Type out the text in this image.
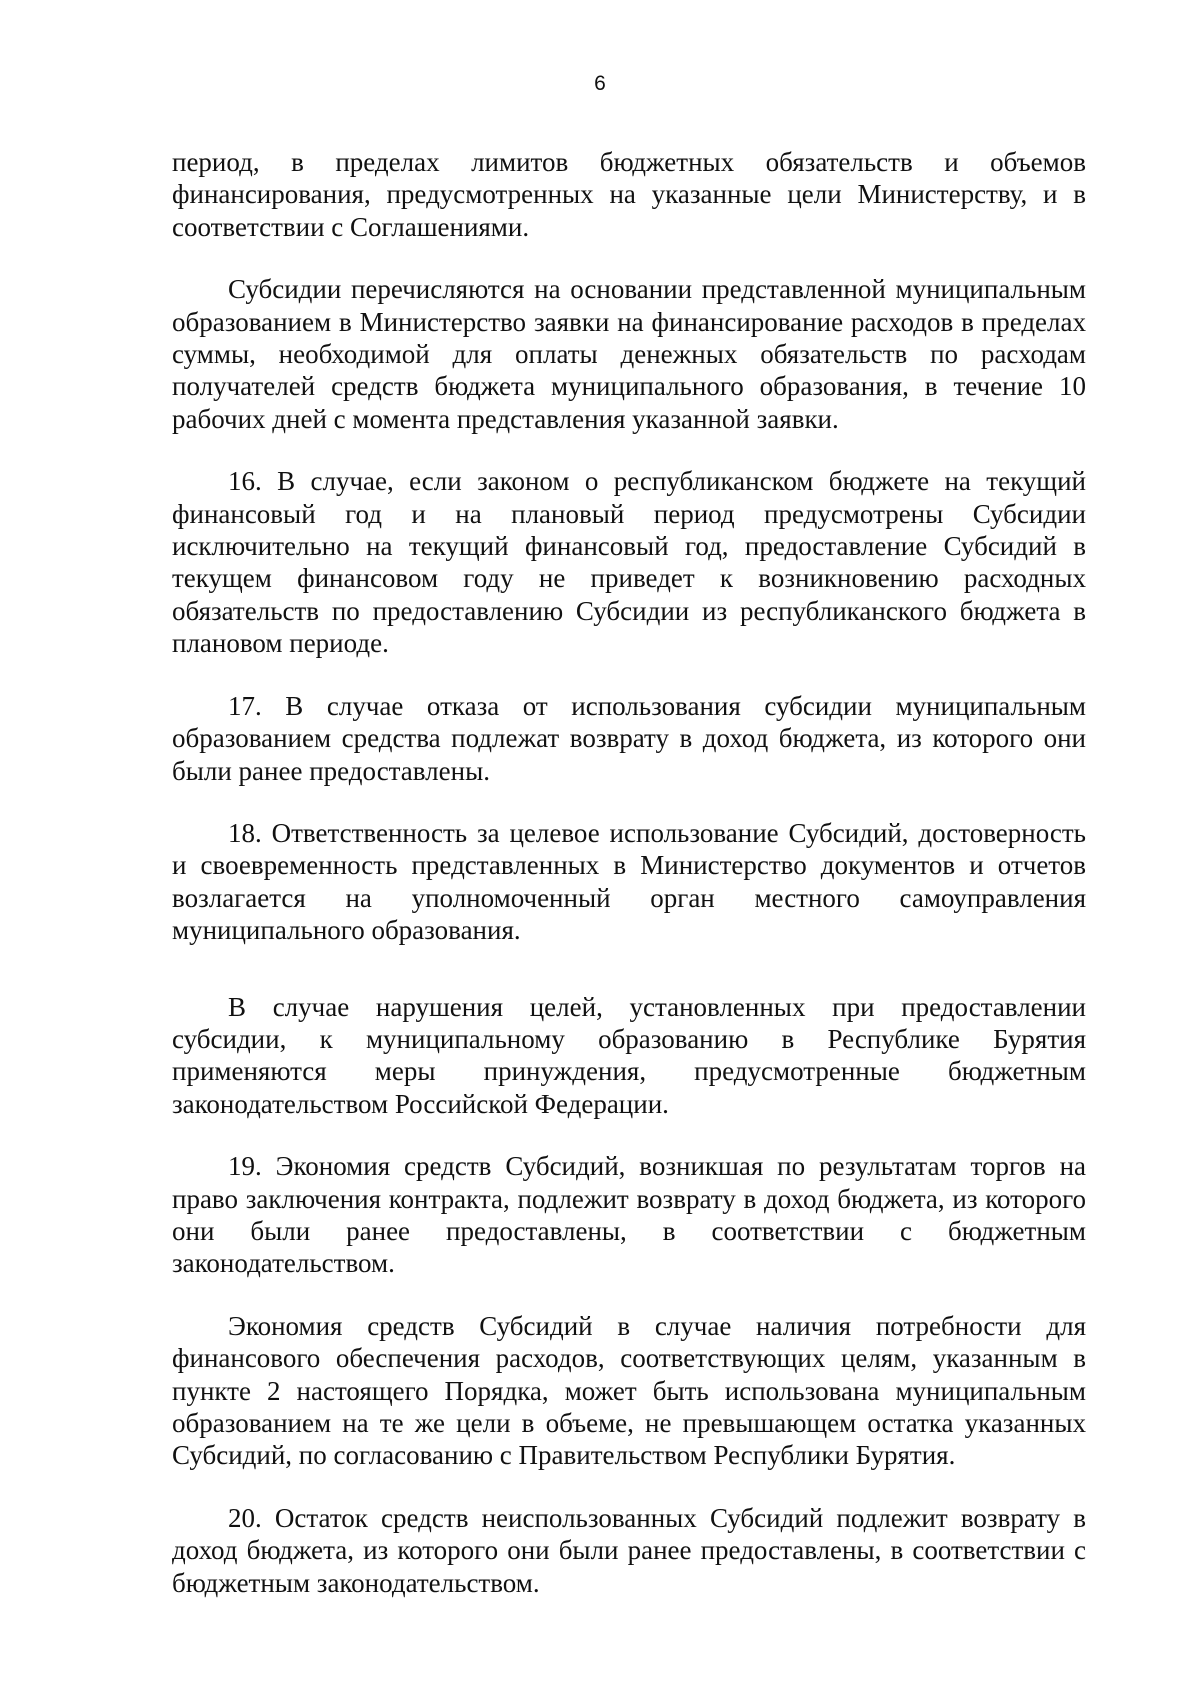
6

период, в пределах лимитов бюджетных обязательств и объемов финансирования, предусмотренных на указанные цели Министерству, и в соответствии с Соглашениями.

Субсидии перечисляются на основании представленной муниципальным образованием в Министерство заявки на финансирование расходов в пределах суммы, необходимой для оплаты денежных обязательств по расходам получателей средств бюджета муниципального образования, в течение 10 рабочих дней с момента представления указанной заявки.

16. В случае, если законом о республиканском бюджете на текущий финансовый год и на плановый период предусмотрены Субсидии исключительно на текущий финансовый год, предоставление Субсидий в текущем финансовом году не приведет к возникновению расходных обязательств по предоставлению Субсидии из республиканского бюджета в плановом периоде.

17. В случае отказа от использования субсидии муниципальным образованием средства подлежат возврату в доход бюджета, из которого они были ранее предоставлены.

18. Ответственность за целевое использование Субсидий, достоверность и своевременность представленных в Министерство документов и отчетов возлагается на уполномоченный орган местного самоуправления муниципального образования.

В случае нарушения целей, установленных при предоставлении субсидии, к муниципальному образованию в Республике Бурятия применяются меры принуждения, предусмотренные бюджетным законодательством Российской Федерации.

19. Экономия средств Субсидий, возникшая по результатам торгов на право заключения контракта, подлежит возврату в доход бюджета, из которого они были ранее предоставлены, в соответствии с бюджетным законодательством.

Экономия средств Субсидий в случае наличия потребности для финансового обеспечения расходов, соответствующих целям, указанным в пункте 2 настоящего Порядка, может быть использована муниципальным образованием на те же цели в объеме, не превышающем остатка указанных Субсидий, по согласованию с Правительством Республики Бурятия.

20. Остаток средств неиспользованных Субсидий подлежит возврату в доход бюджета, из которого они были ранее предоставлены, в соответствии с бюджетным законодательством.
